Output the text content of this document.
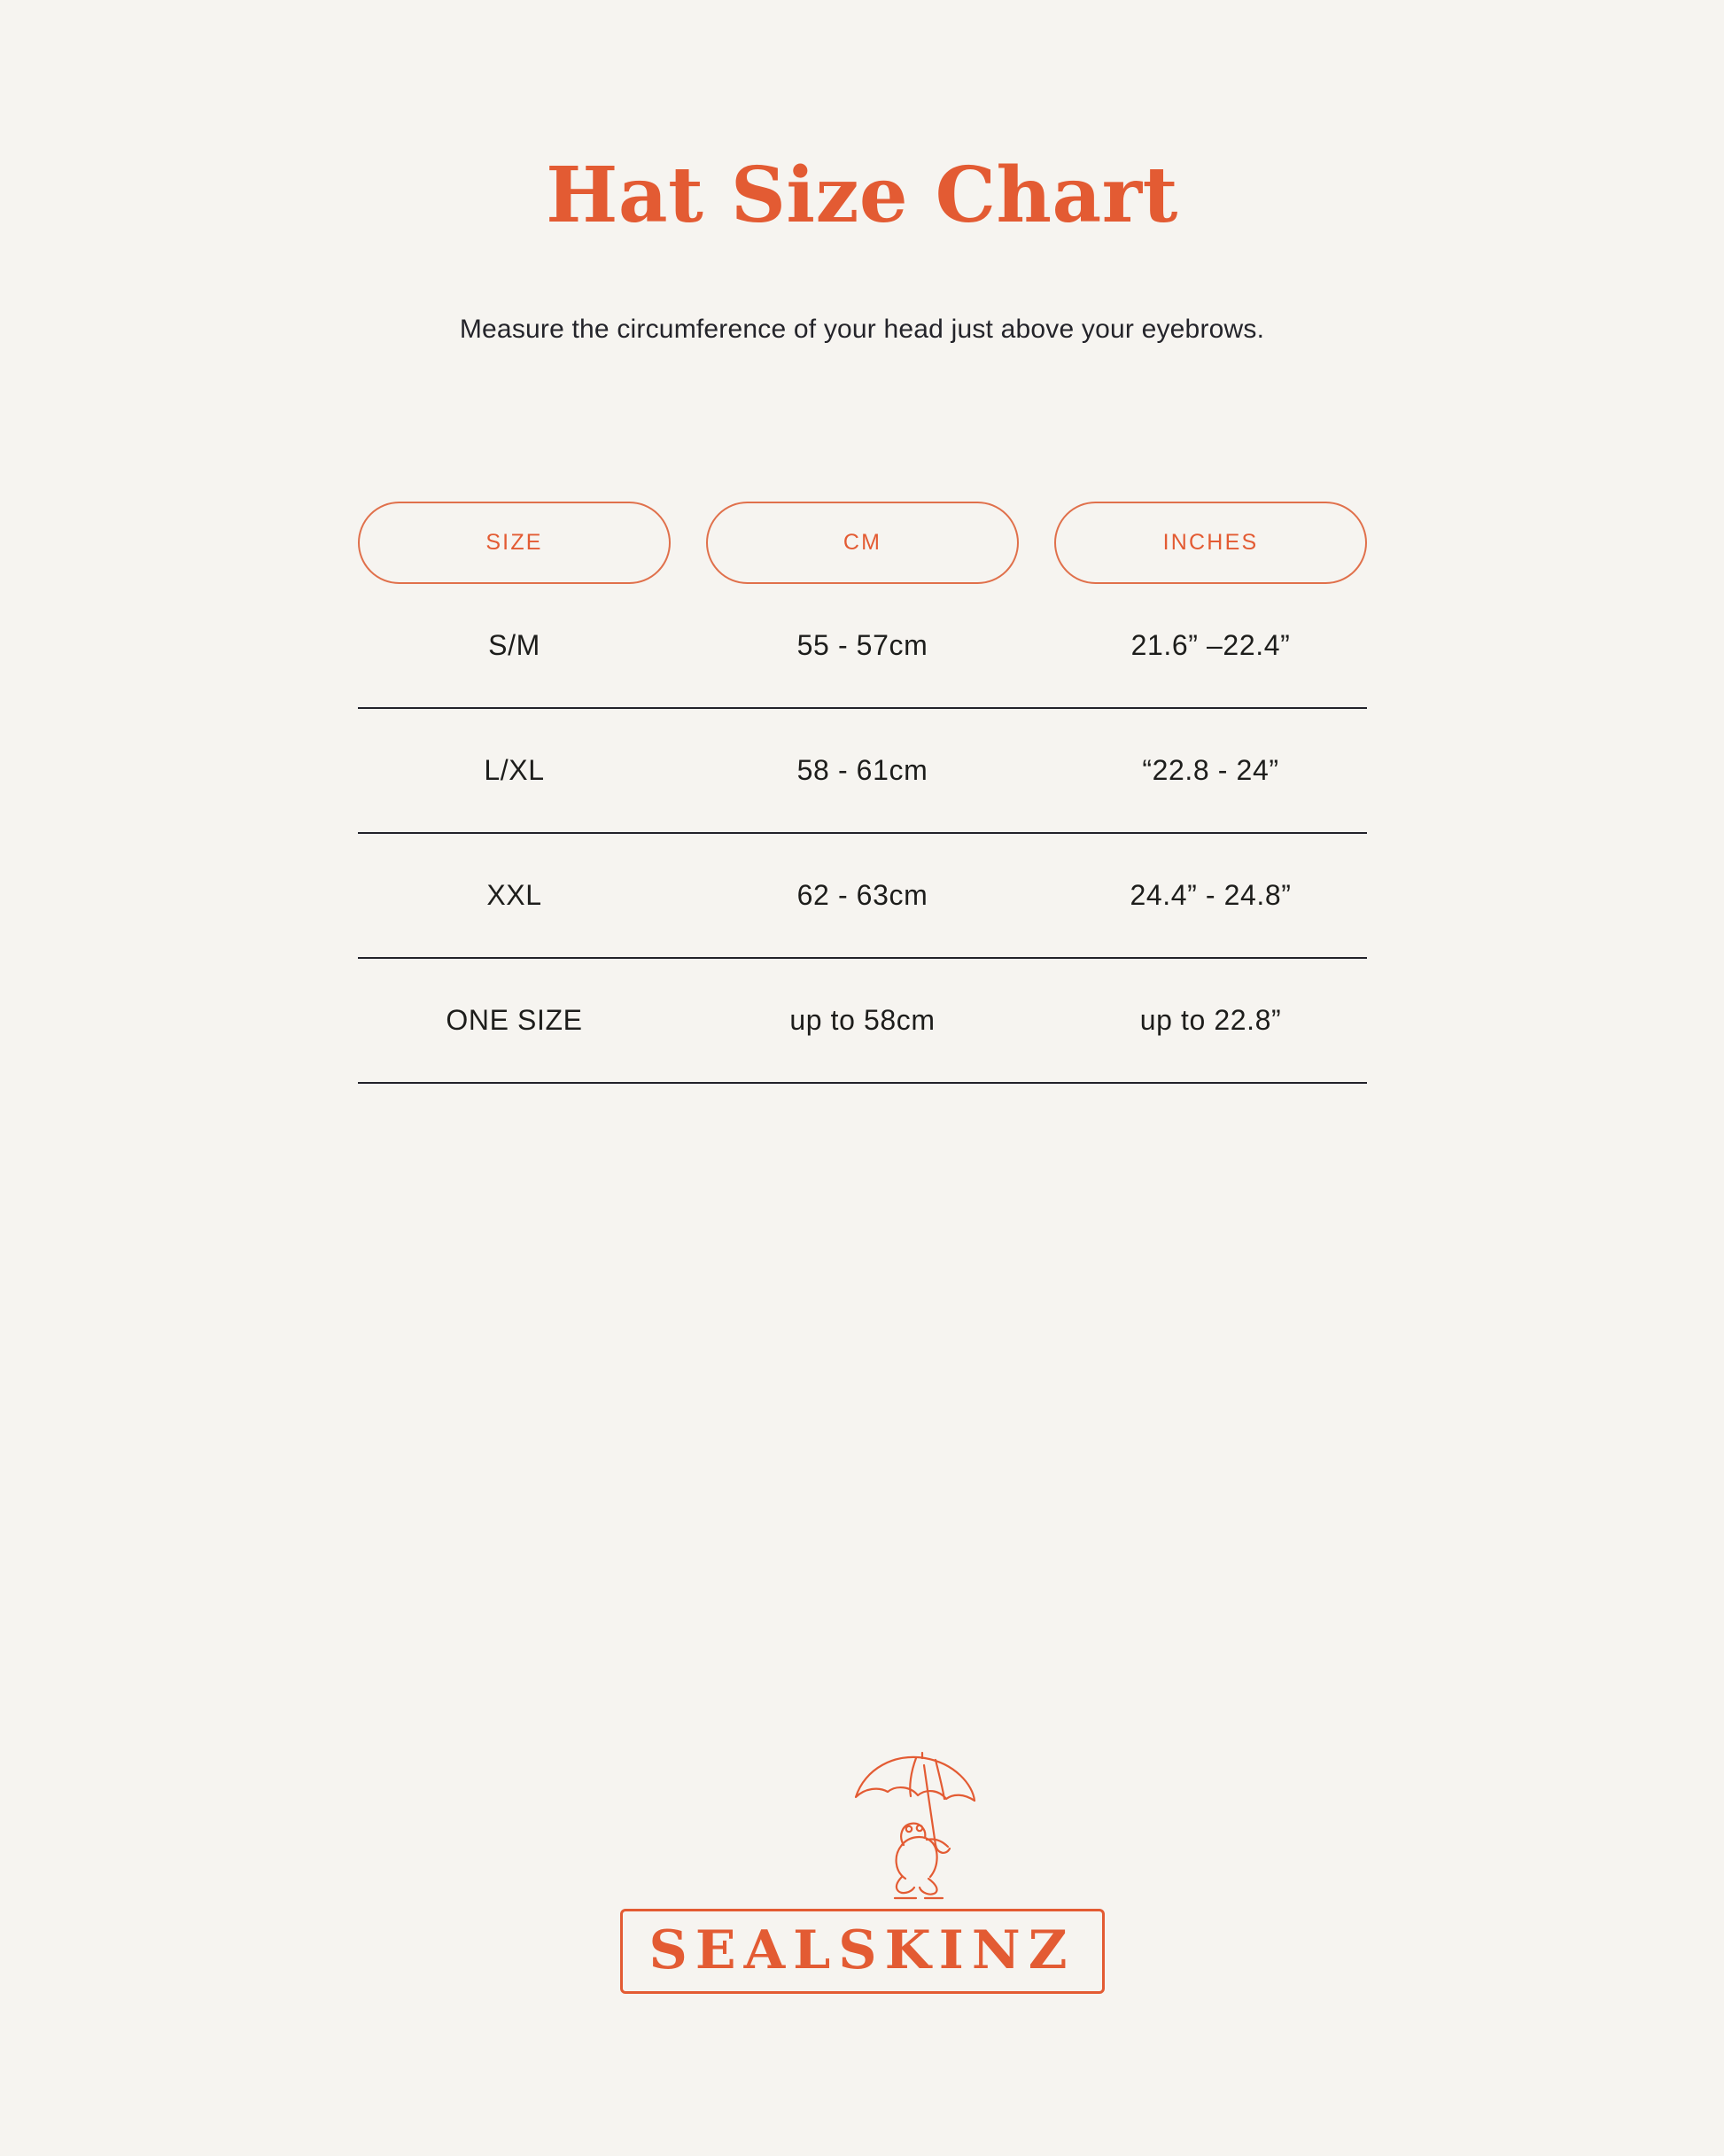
Hat Size Chart
Measure the circumference of your head just above your eyebrows.
SIZE	CM	INCHES
S/M	55 - 57cm	21.6” –22.4”
L/XL	58 - 61cm	“22.8 - 24”
XXL	62 - 63cm	24.4” - 24.8”
ONE SIZE	up to 58cm	up to 22.8”
SEALSKINZ
